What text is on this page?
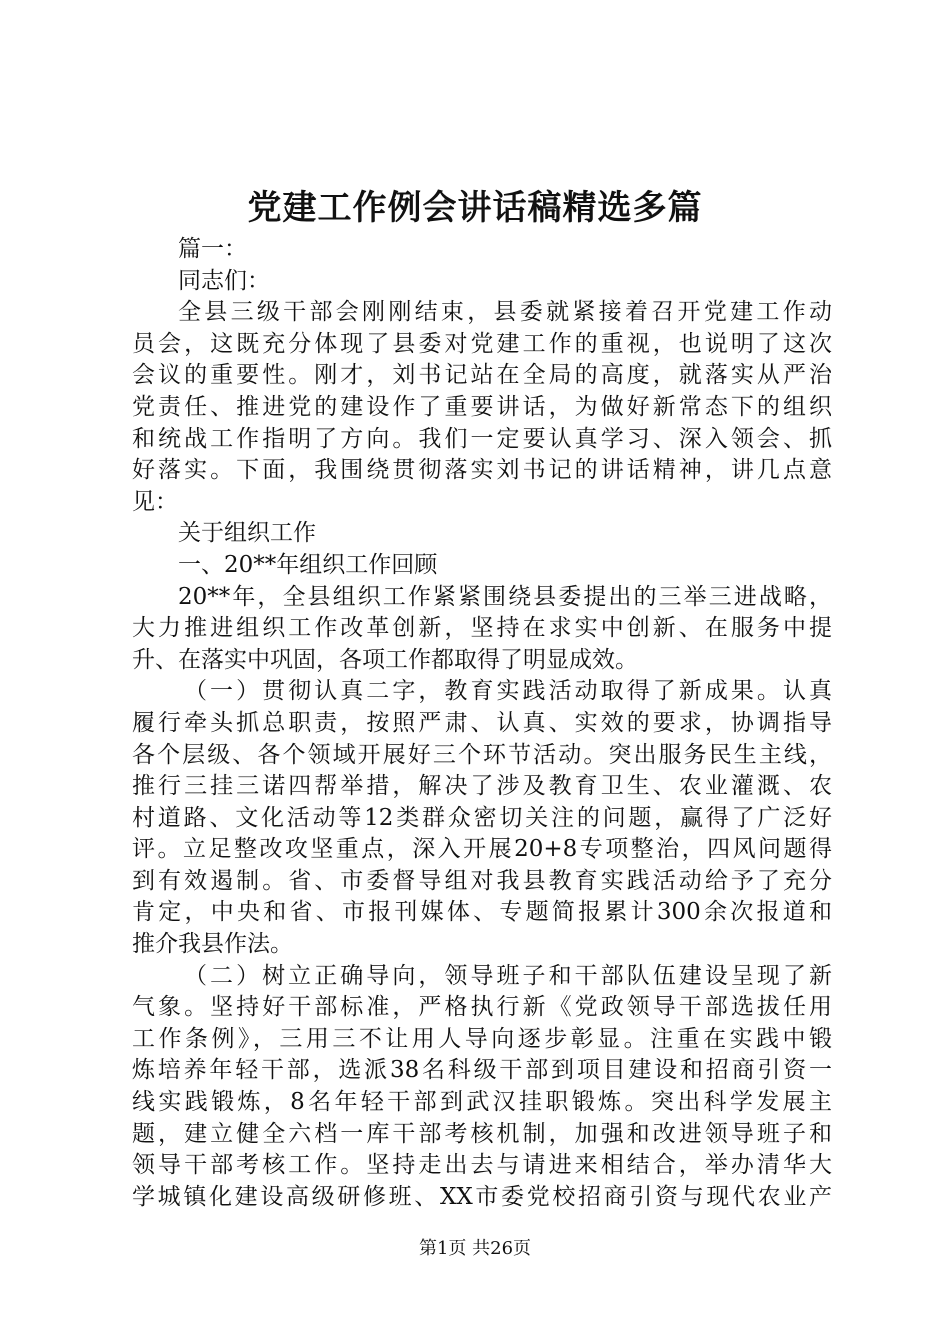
党建工作例会讲话稿精选多篇
篇一：
同志们：
全县三级干部会刚刚结束，县委就紧接着召开党建工作动
员会，这既充分体现了县委对党建工作的重视，也说明了这次
会议的重要性。刚才，刘书记站在全局的高度，就落实从严治
党责任、推进党的建设作了重要讲话，为做好新常态下的组织
和统战工作指明了方向。我们一定要认真学习、深入领会、抓
好落实。下面，我围绕贯彻落实刘书记的讲话精神，讲几点意
见：
关于组织工作
一、20**年组织工作回顾
20**年，全县组织工作紧紧围绕县委提出的三举三进战略，
大力推进组织工作改革创新，坚持在求实中创新、在服务中提
升、在落实中巩固，各项工作都取得了明显成效。
（一）贯彻认真二字，教育实践活动取得了新成果。认真
履行牵头抓总职责，按照严肃、认真、实效的要求，协调指导
各个层级、各个领域开展好三个环节活动。突出服务民生主线，
推行三挂三诺四帮举措，解决了涉及教育卫生、农业灌溉、农
村道路、文化活动等12类群众密切关注的问题，赢得了广泛好
评。立足整改攻坚重点，深入开展20+8专项整治，四风问题得
到有效遏制。省、市委督导组对我县教育实践活动给予了充分
肯定，中央和省、市报刊媒体、专题简报累计300余次报道和
推介我县作法。
（二）树立正确导向，领导班子和干部队伍建设呈现了新
气象。坚持好干部标准，严格执行新《党政领导干部选拔任用
工作条例》，三用三不让用人导向逐步彰显。注重在实践中锻
炼培养年轻干部，选派38名科级干部到项目建设和招商引资一
线实践锻炼，8名年轻干部到武汉挂职锻炼。突出科学发展主
题，建立健全六档一库干部考核机制，加强和改进领导班子和
领导干部考核工作。坚持走出去与请进来相结合，举办清华大
学城镇化建设高级研修班、XX市委党校招商引资与现代农业产
第1页 共26页
